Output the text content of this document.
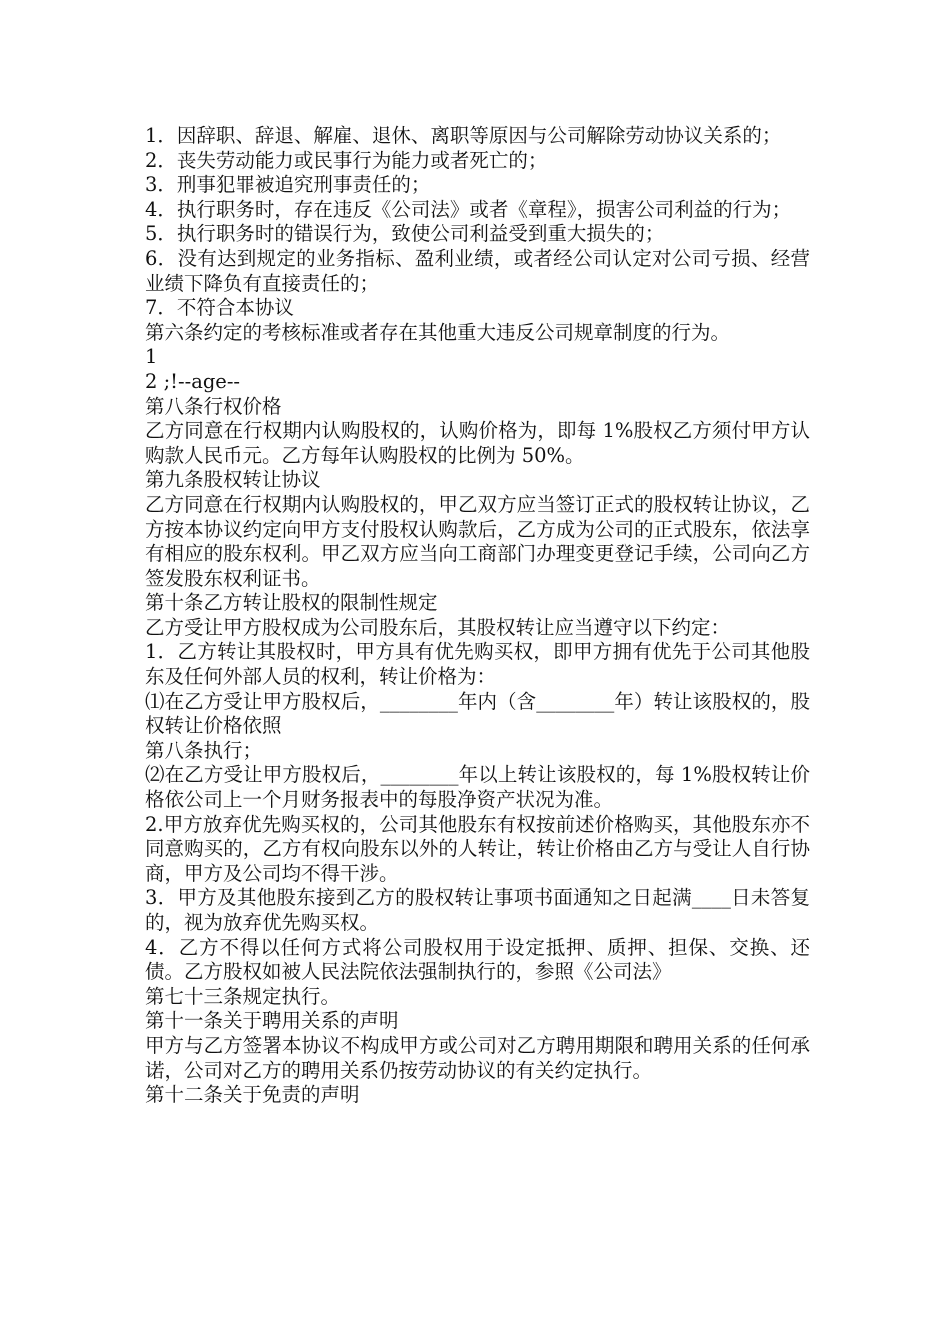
1．因辞职、辞退、解雇、退休、离职等原因与公司解除劳动协议关系的；
2．丧失劳动能力或民事行为能力或者死亡的；
3．刑事犯罪被追究刑事责任的；
4．执行职务时，存在违反《公司法》或者《章程》，损害公司利益的行为；
5．执行职务时的错误行为，致使公司利益受到重大损失的；
6．没有达到规定的业务指标、盈利业绩，或者经公司认定对公司亏损、经营业绩下降负有直接责任的；
7．不符合本协议
第六条约定的考核标准或者存在其他重大违反公司规章制度的行为。
1
2 ;!--age--
第八条行权价格
乙方同意在行权期内认购股权的，认购价格为，即每 1%股权乙方须付甲方认购款人民币元。乙方每年认购股权的比例为 50%。
第九条股权转让协议
乙方同意在行权期内认购股权的，甲乙双方应当签订正式的股权转让协议，乙方按本协议约定向甲方支付股权认购款后，乙方成为公司的正式股东，依法享有相应的股东权利。甲乙双方应当向工商部门办理变更登记手续，公司向乙方签发股东权利证书。
第十条乙方转让股权的限制性规定
乙方受让甲方股权成为公司股东后，其股权转让应当遵守以下约定：
1．乙方转让其股权时，甲方具有优先购买权，即甲方拥有优先于公司其他股东及任何外部人员的权利，转让价格为：
⑴在乙方受让甲方股权后，________年内（含________年）转让该股权的，股权转让价格依照
第八条执行；
⑵在乙方受让甲方股权后，________年以上转让该股权的，每 1%股权转让价格依公司上一个月财务报表中的每股净资产状况为准。
2.甲方放弃优先购买权的，公司其他股东有权按前述价格购买，其他股东亦不同意购买的，乙方有权向股东以外的人转让，转让价格由乙方与受让人自行协商，甲方及公司均不得干涉。
3．甲方及其他股东接到乙方的股权转让事项书面通知之日起满____日未答复的，视为放弃优先购买权。
4．乙方不得以任何方式将公司股权用于设定抵押、质押、担保、交换、还债。乙方股权如被人民法院依法强制执行的，参照《公司法》
第七十三条规定执行。
第十一条关于聘用关系的声明
甲方与乙方签署本协议不构成甲方或公司对乙方聘用期限和聘用关系的任何承诺，公司对乙方的聘用关系仍按劳动协议的有关约定执行。
第十二条关于免责的声明
